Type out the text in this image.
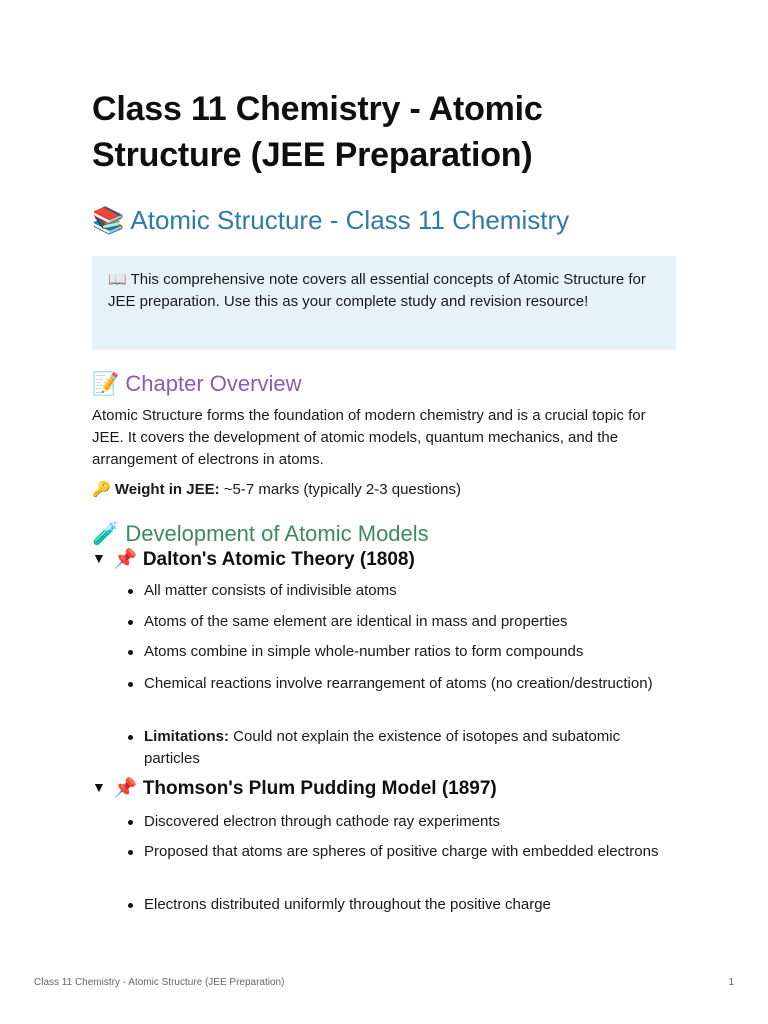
Class 11 Chemistry - Atomic Structure (JEE Preparation)
📚 Atomic Structure - Class 11 Chemistry
📖 This comprehensive note covers all essential concepts of Atomic Structure for JEE preparation. Use this as your complete study and revision resource!
📝 Chapter Overview

Atomic Structure forms the foundation of modern chemistry and is a crucial topic for JEE. It covers the development of atomic models, quantum mechanics, and the arrangement of electrons in atoms.

🔑 Weight in JEE: ~5-7 marks (typically 2-3 questions)

🧪 Development of Atomic Models
▼ 📌 Dalton's Atomic Theory (1808)
All matter consists of indivisible atoms
Atoms of the same element are identical in mass and properties
Atoms combine in simple whole-number ratios to form compounds
Chemical reactions involve rearrangement of atoms (no creation/destruction)
Limitations: Could not explain the existence of isotopes and subatomic particles
▼ 📌 Thomson's Plum Pudding Model (1897)
Discovered electron through cathode ray experiments
Proposed that atoms are spheres of positive charge with embedded electrons
Electrons distributed uniformly throughout the positive charge
Class 11 Chemistry - Atomic Structure (JEE Preparation)	1
